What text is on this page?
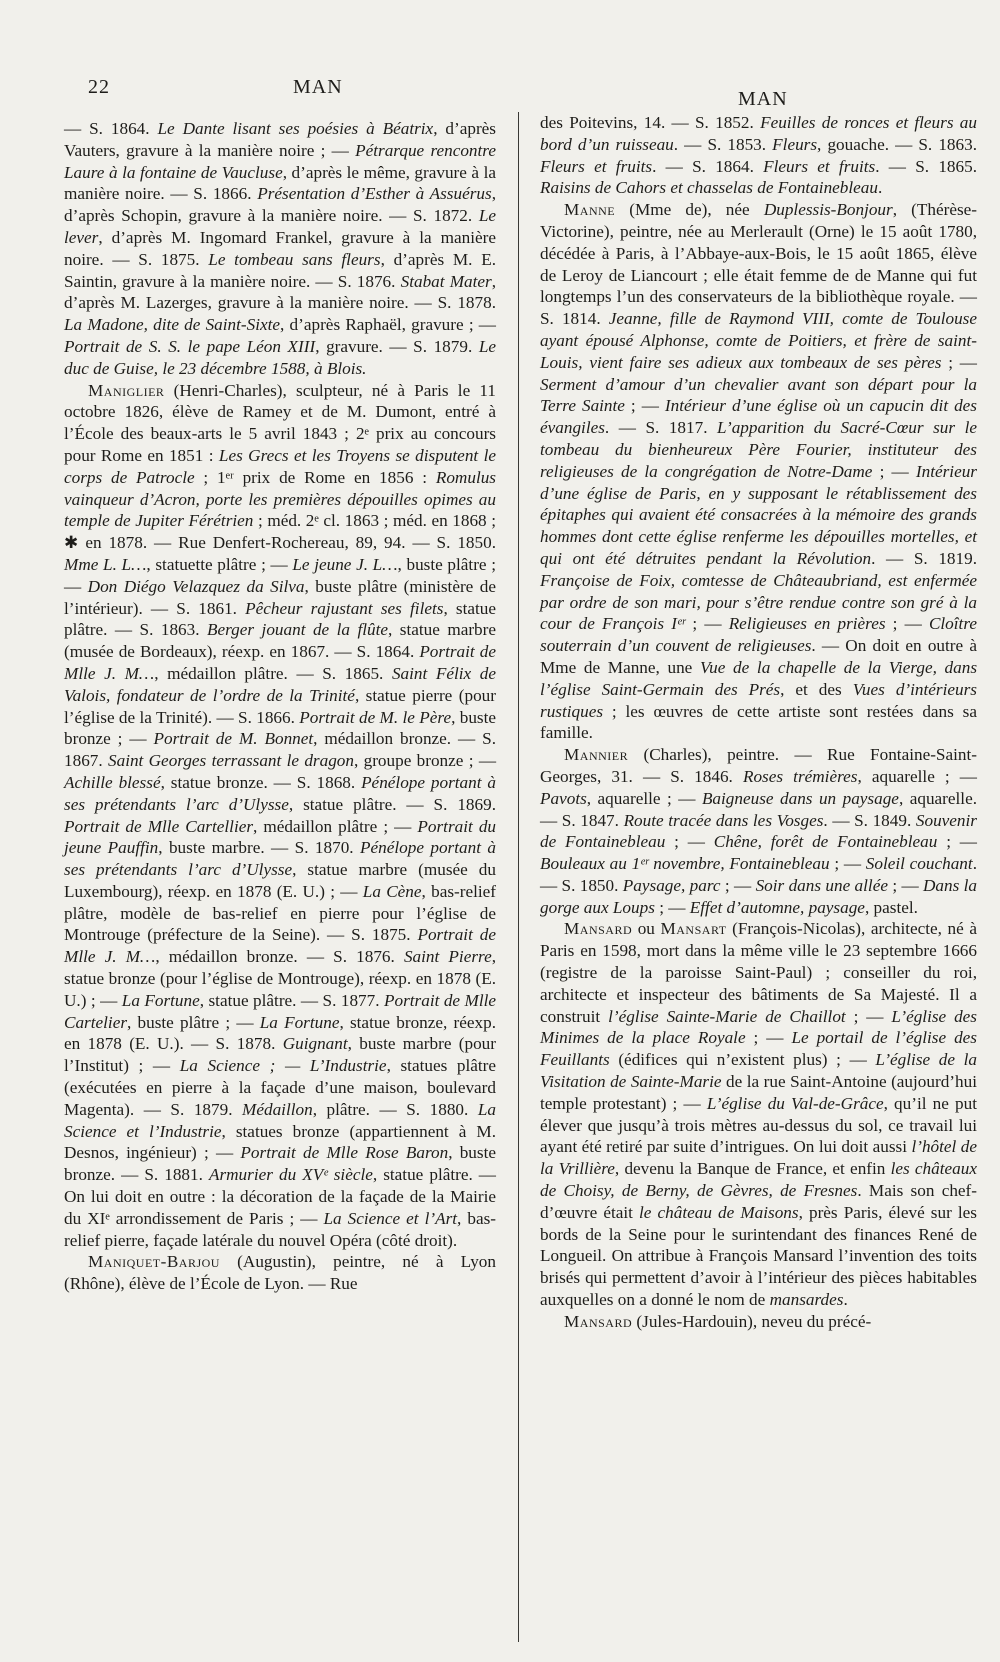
22	MAN
MAN

— S. 1864. Le Dante lisant ses poésies à Béatrix, d’après Vauters, gravure à la manière noire ; — Pétrarque rencontre Laure à la fontaine de Vaucluse, d’après le même, gravure à la manière noire. — S. 1866. Présentation d’Esther à Assuérus, d’après Schopin, gravure à la manière noire. — S. 1872. Le lever, d’après M. Ingomard Frankel, gravure à la manière noire. — S. 1875. Le tombeau sans fleurs, d’après M. E. Saintin, gravure à la manière noire. — S. 1876. Stabat Mater, d’après M. Lazerges, gravure à la manière noire. — S. 1878. La Madone, dite de Saint-Sixte, d’après Raphaël, gravure ; — Portrait de S. S. le pape Léon XIII, gravure. — S. 1879. Le duc de Guise, le 23 décembre 1588, à Blois.

Maniglier (Henri-Charles), sculpteur, né à Paris le 11 octobre 1826, élève de Ramey et de M. Dumont, entré à l’École des beaux-arts le 5 avril 1843 ; 2ᵉ prix au concours pour Rome en 1851 : Les Grecs et les Troyens se disputent le corps de Patrocle ; 1ᵉʳ prix de Rome en 1856 : Romulus vainqueur d’Acron, porte les premières dépouilles opimes au temple de Jupiter Férétrien ; méd. 2ᵉ cl. 1863 ; méd. en 1868 ; ✱ en 1878. — Rue Denfert-Rochereau, 89, 94. — S. 1850. Mme L. L…, statuette plâtre ; — Le jeune J. L…, buste plâtre ; — Don Diégo Velazquez da Silva, buste plâtre (ministère de l’intérieur). — S. 1861. Pêcheur rajustant ses filets, statue plâtre. — S. 1863. Berger jouant de la flûte, statue marbre (musée de Bordeaux), réexp. en 1867. — S. 1864. Portrait de Mlle J. M…, médaillon plâtre. — S. 1865. Saint Félix de Valois, fondateur de l’ordre de la Trinité, statue pierre (pour l’église de la Trinité). — S. 1866. Portrait de M. le Père, buste bronze ; — Portrait de M. Bonnet, médaillon bronze. — S. 1867. Saint Georges terrassant le dragon, groupe bronze ; — Achille blessé, statue bronze. — S. 1868. Pénélope portant à ses prétendants l’arc d’Ulysse, statue plâtre. — S. 1869. Portrait de Mlle Cartellier, médaillon plâtre ; — Portrait du jeune Pauffin, buste marbre. — S. 1870. Pénélope portant à ses prétendants l’arc d’Ulysse, statue marbre (musée du Luxembourg), réexp. en 1878 (E. U.) ; — La Cène, bas-relief plâtre, modèle de bas-relief en pierre pour l’église de Montrouge (préfecture de la Seine). — S. 1875. Portrait de Mlle J. M…, médaillon bronze. — S. 1876. Saint Pierre, statue bronze (pour l’église de Montrouge), réexp. en 1878 (E. U.) ; — La Fortune, statue plâtre. — S. 1877. Portrait de Mlle Cartelier, buste plâtre ; — La Fortune, statue bronze, réexp. en 1878 (E. U.). — S. 1878. Guignant, buste marbre (pour l’Institut) ; — La Science ; — L’Industrie, statues plâtre (exécutées en pierre à la façade d’une maison, boulevard Magenta). — S. 1879. Médaillon, plâtre. — S. 1880. La Science et l’Industrie, statues bronze (appartiennent à M. Desnos, ingénieur) ; — Portrait de Mlle Rose Baron, buste bronze. — S. 1881. Armurier du XVᵉ siècle, statue plâtre. — On lui doit en outre : la décoration de la façade de la Mairie du XIᵉ arrondissement de Paris ; — La Science et l’Art, bas-relief pierre, façade latérale du nouvel Opéra (côté droit).

Maniquet-Barjou (Augustin), peintre, né à Lyon (Rhône), élève de l’École de Lyon. — Rue

des Poitevins, 14. — S. 1852. Feuilles de ronces et fleurs au bord d’un ruisseau. — S. 1853. Fleurs, gouache. — S. 1863. Fleurs et fruits. — S. 1864. Fleurs et fruits. — S. 1865. Raisins de Cahors et chasselas de Fontainebleau.

Manne (Mme de), née Duplessis-Bonjour, (Thérèse-Victorine), peintre, née au Merlerault (Orne) le 15 août 1780, décédée à Paris, à l’Abbaye-aux-Bois, le 15 août 1865, élève de Leroy de Liancourt ; elle était femme de de Manne qui fut longtemps l’un des conservateurs de la bibliothèque royale. — S. 1814. Jeanne, fille de Raymond VIII, comte de Toulouse ayant épousé Alphonse, comte de Poitiers, et frère de saint-Louis, vient faire ses adieux aux tombeaux de ses pères ; — Serment d’amour d’un chevalier avant son départ pour la Terre Sainte ; — Intérieur d’une église où un capucin dit des évangiles. — S. 1817. L’apparition du Sacré-Cœur sur le tombeau du bienheureux Père Fourier, instituteur des religieuses de la congrégation de Notre-Dame ; — Intérieur d’une église de Paris, en y supposant le rétablissement des épitaphes qui avaient été consacrées à la mémoire des grands hommes dont cette église renferme les dépouilles mortelles, et qui ont été détruites pendant la Révolution. — S. 1819. Françoise de Foix, comtesse de Châteaubriand, est enfermée par ordre de son mari, pour s’être rendue contre son gré à la cour de François Iᵉʳ ; — Religieuses en prières ; — Cloître souterrain d’un couvent de religieuses. — On doit en outre à Mme de Manne, une Vue de la chapelle de la Vierge, dans l’église Saint-Germain des Prés, et des Vues d’intérieurs rustiques ; les œuvres de cette artiste sont restées dans sa famille.

Mannier (Charles), peintre. — Rue Fontaine-Saint-Georges, 31. — S. 1846. Roses trémières, aquarelle ; — Pavots, aquarelle ; — Baigneuse dans un paysage, aquarelle. — S. 1847. Route tracée dans les Vosges. — S. 1849. Souvenir de Fontainebleau ; — Chêne, forêt de Fontainebleau ; — Bouleaux au 1ᵉʳ novembre, Fontainebleau ; — Soleil couchant. — S. 1850. Paysage, parc ; — Soir dans une allée ; — Dans la gorge aux Loups ; — Effet d’automne, paysage, pastel.

Mansard ou Mansart (François-Nicolas), architecte, né à Paris en 1598, mort dans la même ville le 23 septembre 1666 (registre de la paroisse Saint-Paul) ; conseiller du roi, architecte et inspecteur des bâtiments de Sa Majesté. Il a construit l’église Sainte-Marie de Chaillot ; — L’église des Minimes de la place Royale ; — Le portail de l’église des Feuillants (édifices qui n’existent plus) ; — L’église de la Visitation de Sainte-Marie de la rue Saint-Antoine (aujourd’hui temple protestant) ; — L’église du Val-de-Grâce, qu’il ne put élever que jusqu’à trois mètres au-dessus du sol, ce travail lui ayant été retiré par suite d’intrigues. On lui doit aussi l’hôtel de la Vrillière, devenu la Banque de France, et enfin les châteaux de Choisy, de Berny, de Gèvres, de Fresnes. Mais son chef-d’œuvre était le château de Maisons, près Paris, élevé sur les bords de la Seine pour le surintendant des finances René de Longueil. On attribue à François Mansard l’invention des toits brisés qui permettent d’avoir à l’intérieur des pièces habitables auxquelles on a donné le nom de mansardes.

Mansard (Jules-Hardouin), neveu du précé-
